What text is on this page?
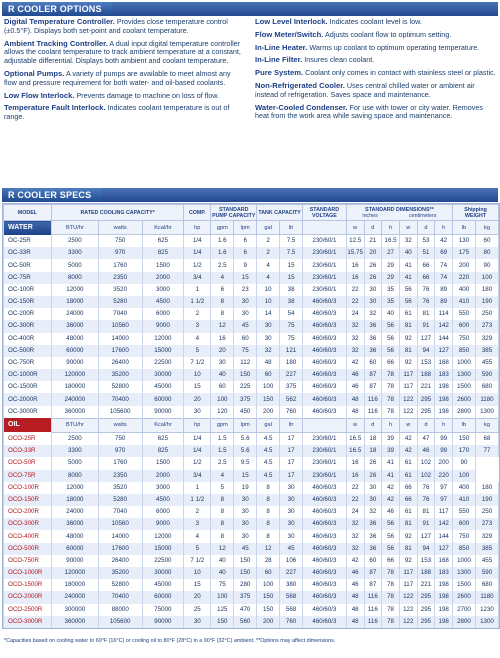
R COOLER OPTIONS
Digital Temperature Controller. Provides close temperature control (±0.5°F). Displays both set-point and coolant temperature.
Ambient Tracking Controller. A dual input digital temperature controller allows the coolant temperature to track ambient temperature at a constant, adjustable differential. Displays both ambient and coolant temperature.
Optional Pumps. A variety of pumps are available to meet almost any flow and pressure requirement for both water- and oil-based coolants.
Low Flow Interlock. Prevents damage to machine on loss of flow.
Temperature Fault Interlock. Indicates coolant temperature is out of range.
Low Level Interlock. Indicates coolant level is low.
Flow Meter/Switch. Adjusts coolant flow to optimum setting.
In-Line Heater. Warms up coolant to optimum operating temperature.
In-Line Filter. Insures clean coolant.
Pure System. Coolant only comes in contact with stainless steel or plastic.
Non-Refrigerated Cooler. Uses central chilled water or ambient air instead of refrigeration. Saves space and maintenance.
Water-Cooled Condenser. For use with tower or city water. Removes heat from the work area while saving space and maintenance.
R COOLER SPECS
MODEL	RATED COOLING CAPACITY*			COMP.	STANDARD PUMP CAPACITY		TANK CAPACITY		STANDARD VOLTAGE	STANDARD DIMENSIONS**
inches centimeters						Shipping WEIGHT	
WATER	BTU/hr	watts	Kcal/hr	hp	gpm	lpm	gal	ltr		w	d	h	w	d	h	lb	kg
OC-25R	2500	750	625	1/4	1.6	6	2	7.5	230/60/1	12.5	21	16.5	32	53	42	130	60
OC-33R	3300	970	825	1/4	1.6	6	2	7.5	230/60/1	15.75	20	27	40	51	69	175	80
OC-50R	5000	1760	1500	1/2	2.5	9	4	15	230/60/1	16	26	29	41	66	74	200	90
OC-75R	8000	2350	2000	3/4	4	15	4	15	230/60/1	16	26	29	41	66	74	220	100
OC-100R	12000	3520	3000	1	6	23	10	38	230/60/1	22	30	35	56	76	89	400	180
OC-150R	18000	5280	4500	1 1/2	8	30	10	38	460/60/3	22	30	35	56	76	89	410	190
OC-200R	24000	7040	6000	2	8	30	14	54	460/60/3	24	32	40	61	81	114	550	250
OC-300R	36000	10560	9000	3	12	45	30	75	460/60/3	32	36	56	81	91	142	600	273
OC-400R	48000	14000	12000	4	16	60	30	75	460/60/3	32	36	56	92	127	144	750	329
OC-500R	60000	17600	15000	5	20	75	32	121	460/60/3	32	36	56	81	94	127	850	385
OC-750R	90000	26400	22500	7 1/2	30	112	48	180	460/60/3	42	60	66	92	153	168	1000	455
OC-1000R	120000	35200	30000	10	40	150	60	227	460/60/3	46	87	78	117	188	183	1300	590
OC-1500R	180000	52800	45000	15	60	225	100	375	460/60/3	46	87	78	117	221	198	1500	680
OC-2000R	240000	70400	60000	20	100	375	150	562	460/60/3	48	116	78	122	295	198	2600	1180
OC-3000R	360000	105600	90000	30	120	450	200	760	460/60/3	48	116	78	122	295	198	2800	1300
OIL	BTU/hr	watts	Kcal/hr	hp	gpm	lpm	gal	ltr		w	d	h	w	d	h	lb	kg
OCO-25R	2500	750	625	1/4	1.5	5.6	4.5	17	230/60/1	16.5	18	39	42	47	99	150	68
OCO-33R	3300	970	825	1/4	1.5	5.6	4.5	17	230/60/1	16.5	18	39	42	46	99	170	77
OCO-50R	5000	1760	1500	1/2	2.5	9.5	4.5	17	230/60/1	16	26	41	61	102	200	90	
OCO-75R	8000	2350	2000	3/4	4	15	4.5	17	230/60/1	16	26	41	61	102	220	100	
OCO-100R	12000	3520	3000	1	5	19	8	30	460/60/3	22	30	42	66	76	97	400	180
OCO-150R	18000	5280	4500	1 1/2	8	30	8	30	460/60/3	22	30	42	66	76	97	410	190
OCO-200R	24000	7040	6000	2	8	30	8	30	460/60/3	24	32	46	61	81	117	550	250
OCO-300R	36000	10560	9000	3	8	30	8	30	460/60/3	32	36	56	81	91	142	600	273
OCO-400R	48000	14000	12000	4	8	30	8	30	460/60/3	32	36	56	92	127	144	750	329
OCO-500R	60000	17600	15000	5	12	45	12	45	460/60/3	32	36	56	81	94	127	850	385
OCO-750R	90000	26400	22500	7 1/2	40	150	28	106	460/60/3	42	60	66	92	153	168	1000	455
OCO-1000R	120000	35200	30000	10	40	150	60	227	460/60/3	46	87	78	117	188	183	1300	590
OCO-1500R	180000	52800	45000	15	75	280	100	380	460/60/3	46	87	78	117	221	198	1500	680
OCO-2000R	240000	70400	60000	20	100	375	150	568	460/60/3	48	116	78	122	295	198	2600	1180
OCO-2500R	300000	88000	75000	25	125	470	150	568	460/60/3	48	116	78	122	295	198	2700	1230
OCO-3000R	360000	105600	90000	30	150	560	200	760	460/60/3	48	116	78	122	295	198	2800	1300
*Capacities based on cooling water to 60°F (16°C) or cooling oil to 80°F (28°C) in a 90°F (32°C) ambient. **Options may affect dimensions.
